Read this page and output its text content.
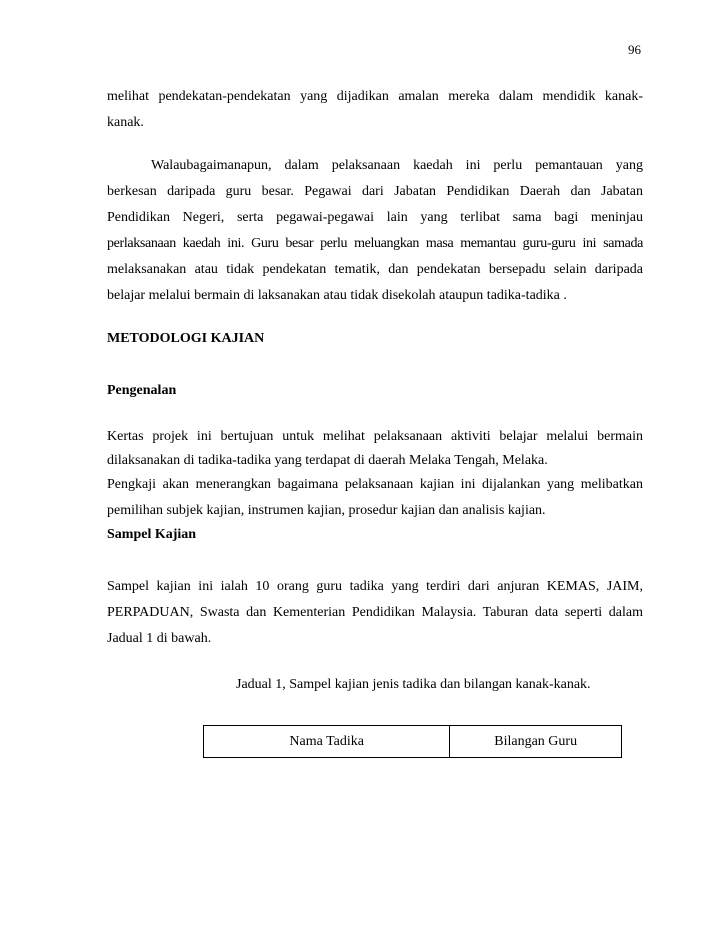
96

melihat pendekatan-pendekatan yang dijadikan amalan mereka dalam mendidik kanak-
kanak.

Walaubagaimanapun, dalam pelaksanaan kaedah ini perlu pemantauan yang
berkesan daripada guru besar. Pegawai dari Jabatan Pendidikan Daerah dan Jabatan
Pendidikan Negeri, serta pegawai-pegawai lain yang terlibat sama bagi meninjau
perlaksanaan kaedah ini. Guru besar perlu meluangkan masa memantau guru-guru ini samada
melaksanakan atau tidak pendekatan tematik, dan pendekatan bersepadu selain daripada
belajar melalui bermain di laksanakan atau tidak disekolah ataupun tadika-tadika .

METODOLOGI KAJIAN
Pengenalan

Kertas projek ini bertujuan untuk melihat pelaksanaan aktiviti belajar melalui bermain
dilaksanakan di tadika-tadika yang terdapat di daerah Melaka Tengah, Melaka.
Pengkaji akan menerangkan bagaimana pelaksanaan kajian ini dijalankan yang melibatkan
pemilihan subjek kajian, instrumen kajian, prosedur kajian dan analisis kajian.

Sampel Kajian

Sampel kajian ini ialah 10 orang guru tadika yang terdiri dari anjuran KEMAS, JAIM,
PERPADUAN, Swasta dan Kementerian Pendidikan Malaysia. Taburan data seperti dalam
Jadual 1 di bawah.

Jadual 1, Sampel kajian jenis tadika dan bilangan kanak-kanak.
Nama Tadika	Bilangan Guru
